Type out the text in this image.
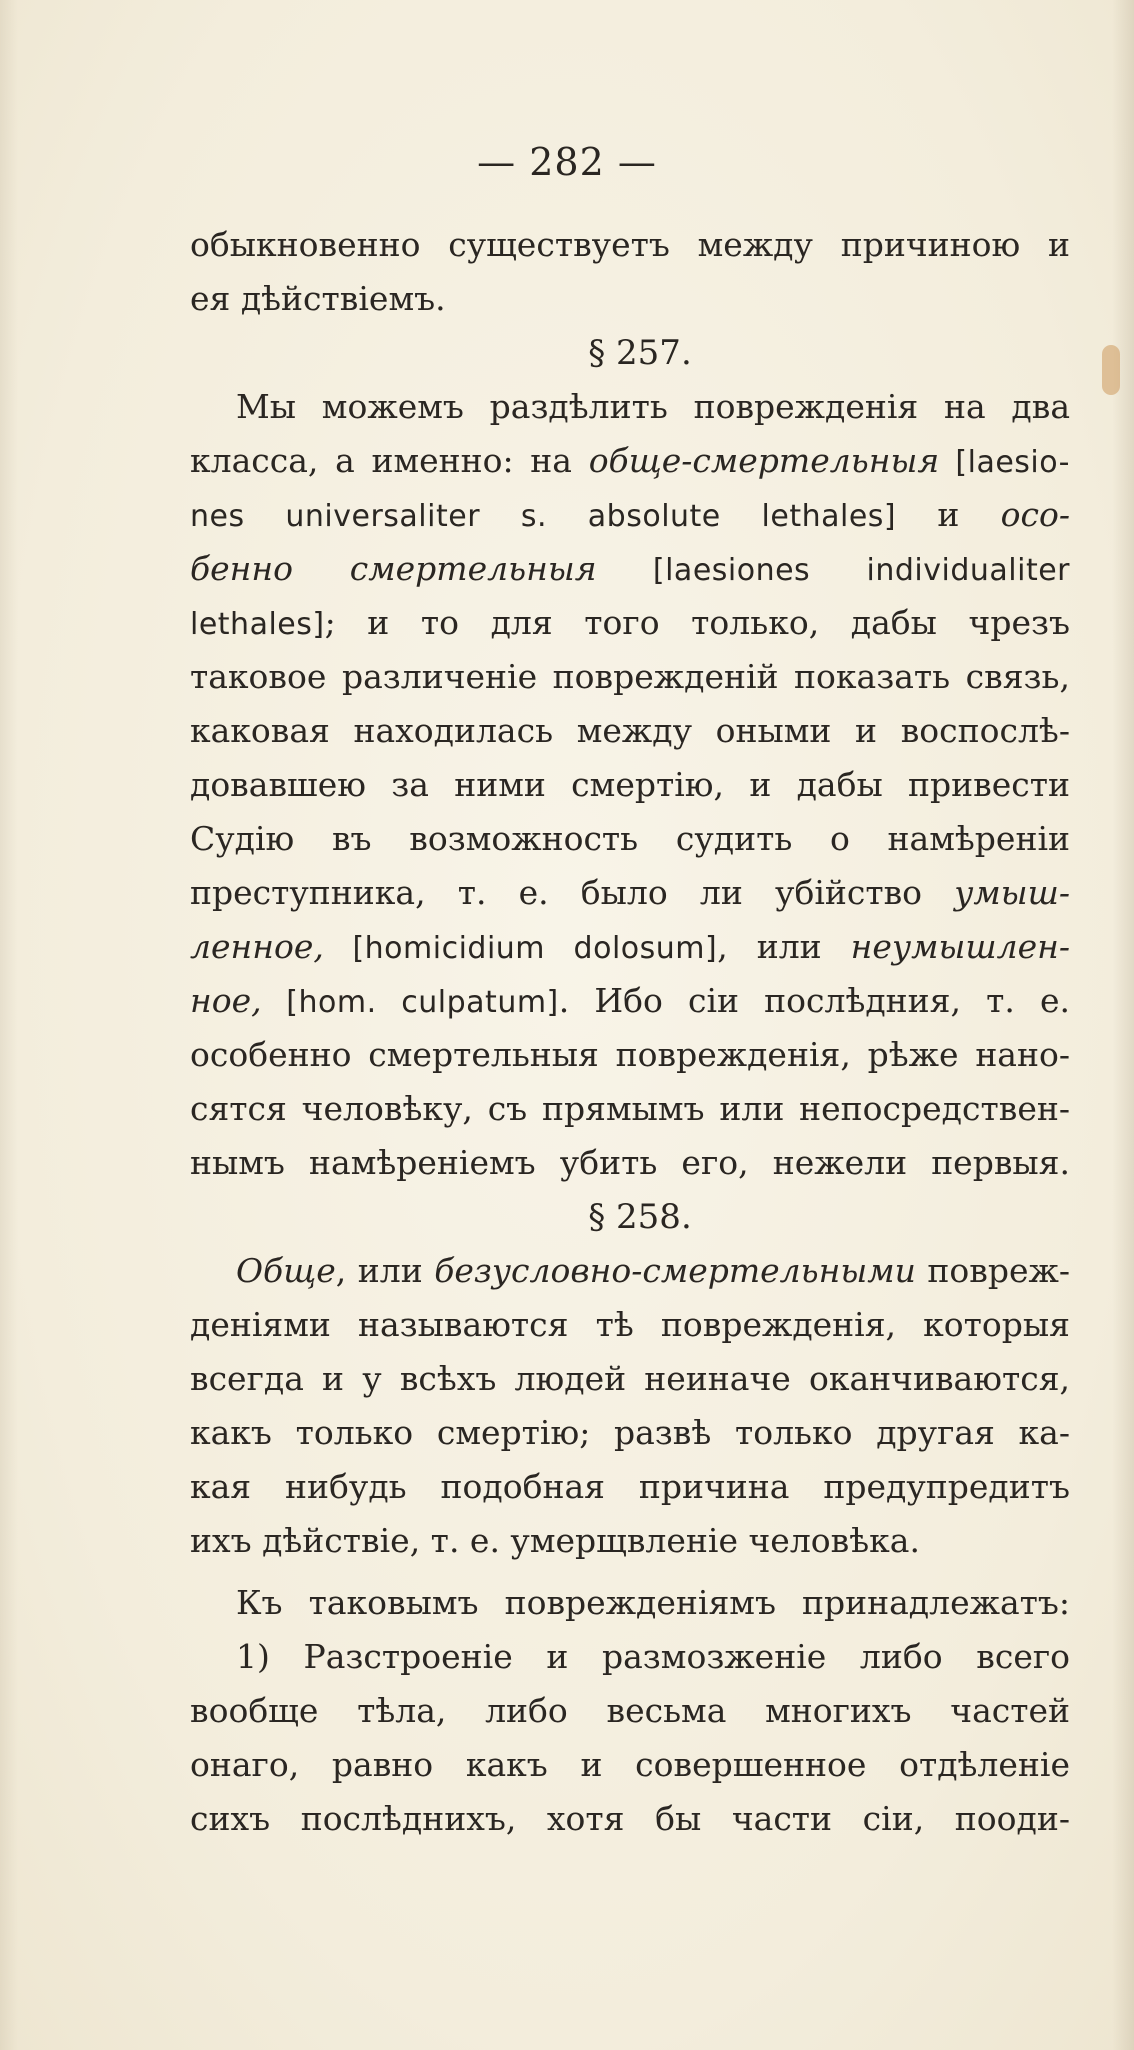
— 282 —
обыкновенно существуетъ между причиною и
ея дѣйствіемъ.
§ 257.
Мы можемъ раздѣлить поврежденія на два
класса, а именно: на обще-смертельныя [laesio-
nes universaliter s. absolute lethales] и осо-
бенно смертельныя [laesiones individualiter
lethales]; и то для того только, дабы чрезъ
таковое различеніе поврежденій показать связь,
каковая находилась между оными и воспослѣ-
довавшею за ними смертію, и дабы привести
Судію въ возможность судить о намѣреніи
преступника, т. е. было ли убійство умыш-
ленное, [homicidium dolosum], или неумышлен-
ное, [hom. culpatum]. Ибо сіи послѣдния, т. е.
особенно смертельныя поврежденія, рѣже нано-
сятся человѣку, съ прямымъ или непосредствен-
нымъ намѣреніемъ убить его, нежели первыя.
§ 258.
Обще, или безусловно-смертельными повреж-
деніями называются тѣ поврежденія, которыя
всегда и у всѣхъ людей неиначе оканчиваются,
какъ только смертію; развѣ только другая ка-
кая нибудь подобная причина предупредитъ
ихъ дѣйствіе, т. е. умерщвленіе человѣка.
Къ таковымъ поврежденіямъ принадлежатъ:
1) Разстроеніе и размозженіе либо всего
вообще тѣла, либо весьма многихъ частей
онаго, равно какъ и совершенное отдѣленіе
сихъ послѣднихъ, хотя бы части сіи, пооди-
